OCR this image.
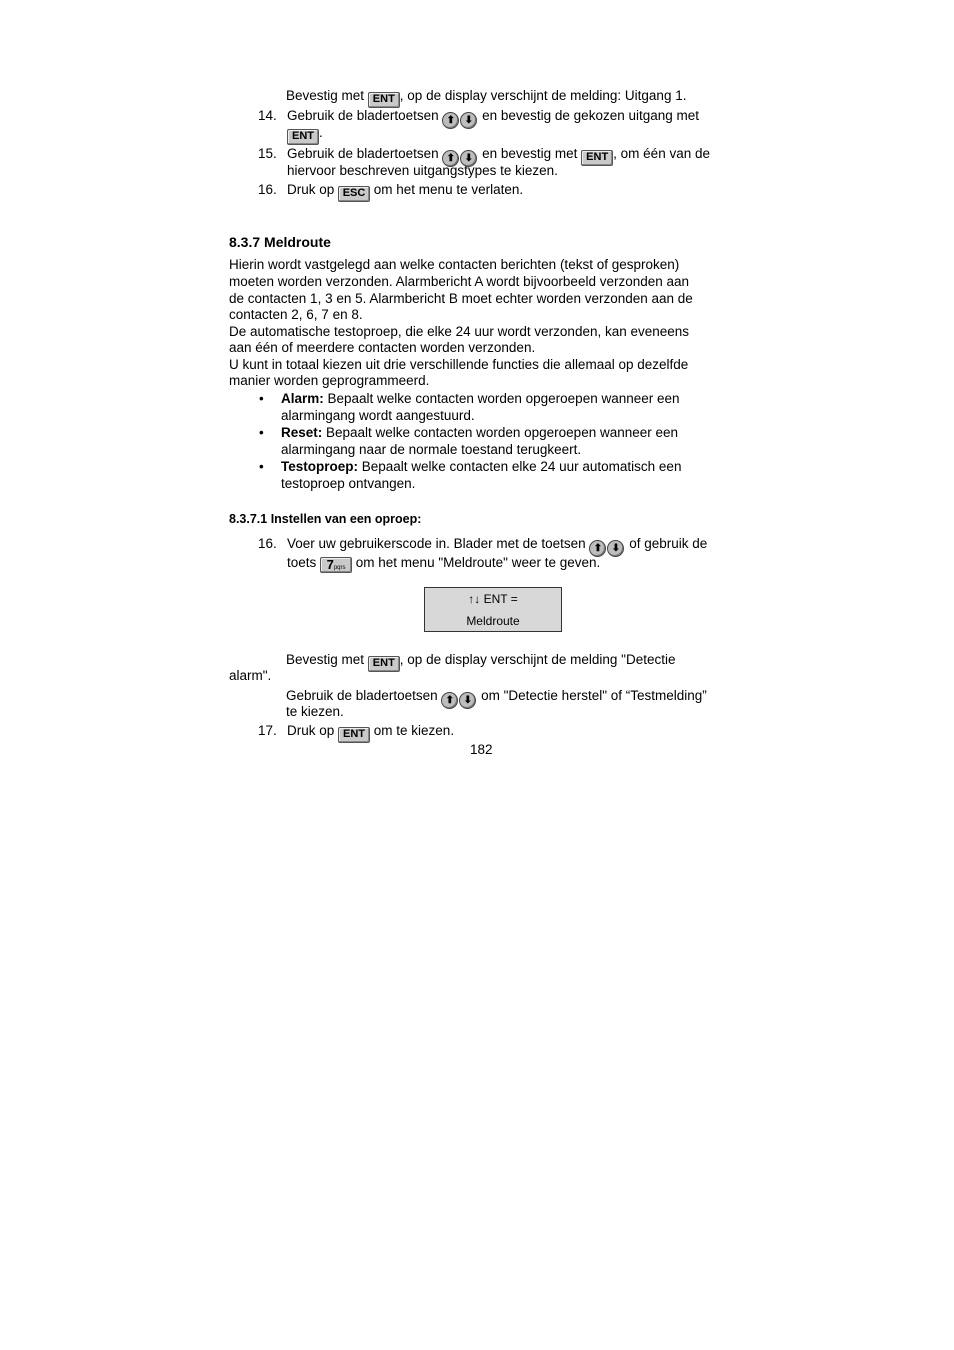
Bevestig met ENT , op de display verschijnt de melding: Uitgang 1.
14. Gebruik de bladertoetsen ⬆ ⬇ en bevestig de gekozen uitgang met
ENT .
15. Gebruik de bladertoetsen ⬆ ⬇ en bevestig met ENT , om één van de
hiervoor beschreven uitgangstypes te kiezen.
16. Druk op ESC om het menu te verlaten.
8.3.7 Meldroute
Hierin wordt vastgelegd aan welke contacten berichten (tekst of gesproken)
moeten worden verzonden. Alarmbericht A wordt bijvoorbeeld verzonden aan
de contacten 1, 3 en 5. Alarmbericht B moet echter worden verzonden aan de
contacten 2, 6, 7 en 8.
De automatische testoproep, die elke 24 uur wordt verzonden, kan eveneens
aan één of meerdere contacten worden verzonden.
U kunt in totaal kiezen uit drie verschillende functies die allemaal op dezelfde
manier worden geprogrammeerd.
• Alarm: Bepaalt welke contacten worden opgeroepen wanneer een
alarmingang wordt aangestuurd.
• Reset: Bepaalt welke contacten worden opgeroepen wanneer een
alarmingang naar de normale toestand terugkeert.
• Testoproep: Bepaalt welke contacten elke 24 uur automatisch een
testoproep ontvangen.
8.3.7.1 Instellen van een oproep:
16. Voer uw gebruikerscode in. Blader met de toetsen ⬆ ⬇ of gebruik de
toets 7pqrs om het menu "Meldroute" weer te geven.
↑↓ ENT =
Meldroute
Bevestig met ENT , op de display verschijnt de melding "Detectie
alarm".
Gebruik de bladertoetsen ⬆ ⬇ om "Detectie herstel" of “Testmelding”
te kiezen.
17. Druk op ENT om te kiezen.
182
